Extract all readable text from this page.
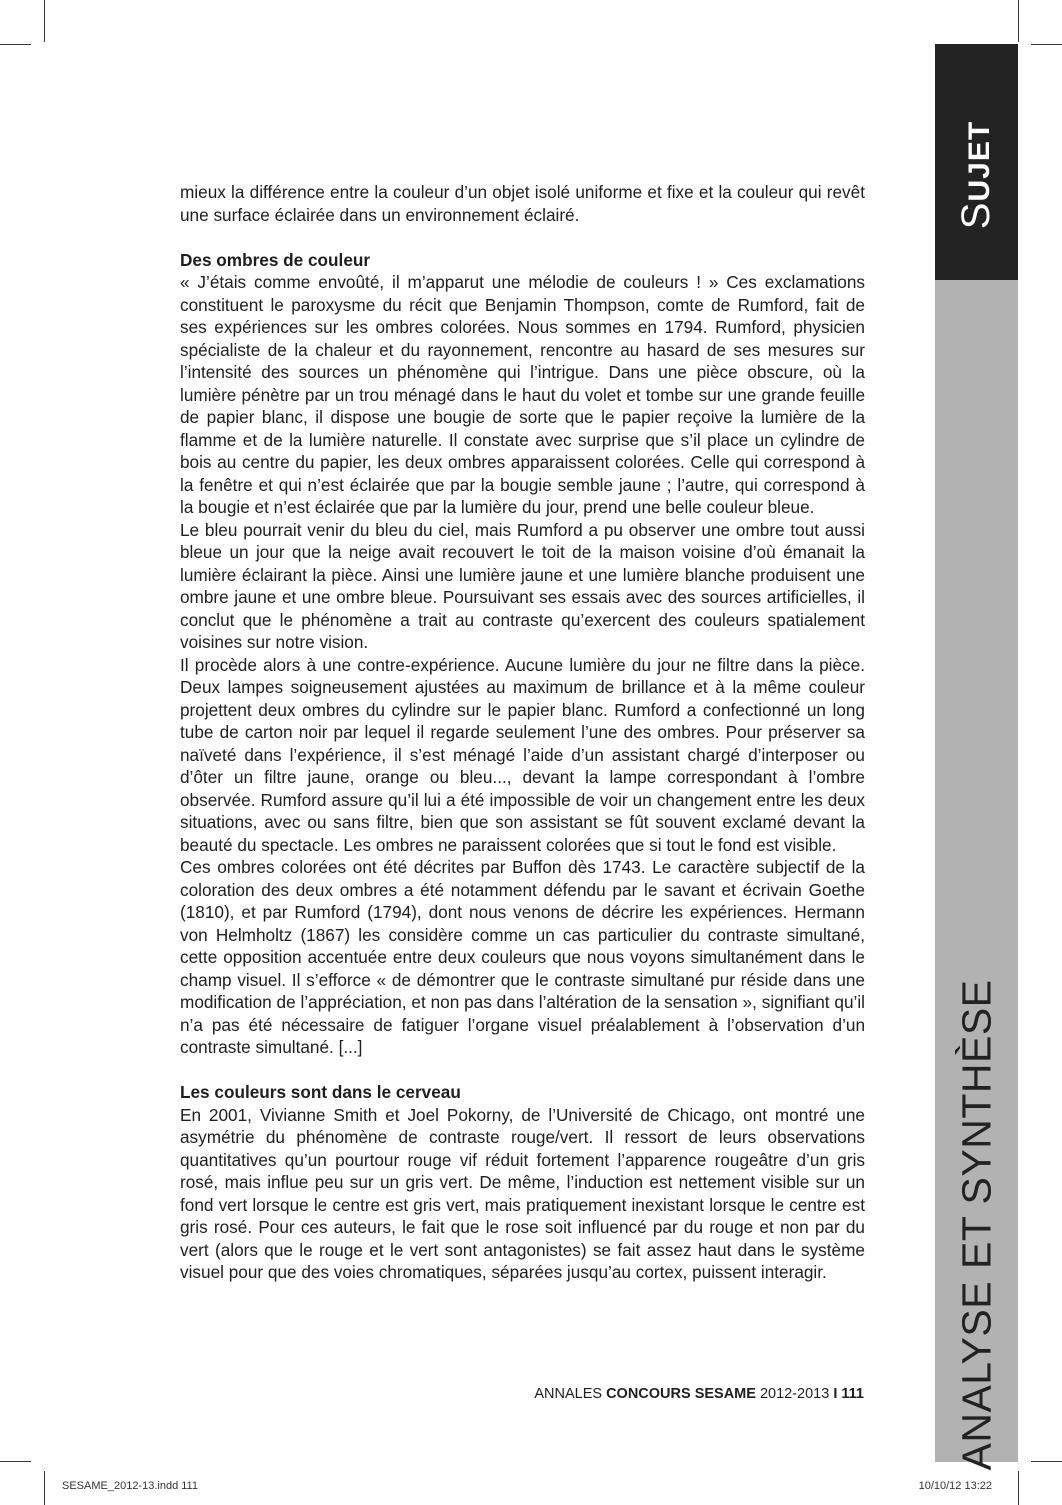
SUJET
ANALYSE ET SYNTHÈSE

mieux la différence entre la couleur d’un objet isolé uniforme et fixe et la couleur qui revêt une surface éclairée dans un environnement éclairé.

Des ombres de couleur

« J’étais comme envoûté, il m’apparut une mélodie de couleurs ! » Ces exclamations constituent le paroxysme du récit que Benjamin Thompson, comte de Rumford, fait de ses expériences sur les ombres colorées. Nous sommes en 1794. Rumford, physicien spécialiste de la chaleur et du rayonnement, rencontre au hasard de ses mesures sur l’intensité des sources un phénomène qui l’intrigue. Dans une pièce obscure, où la lumière pénètre par un trou ménagé dans le haut du volet et tombe sur une grande feuille de papier blanc, il dispose une bougie de sorte que le papier reçoive la lumière de la flamme et de la lumière naturelle. Il constate avec surprise que s’il place un cylindre de bois au centre du papier, les deux ombres apparaissent colorées. Celle qui correspond à la fenêtre et qui n’est éclairée que par la bougie semble jaune ; l’autre, qui correspond à la bougie et n’est éclairée que par la lumière du jour, prend une belle couleur bleue.

Le bleu pourrait venir du bleu du ciel, mais Rumford a pu observer une ombre tout aussi bleue un jour que la neige avait recouvert le toit de la maison voisine d’où émanait la lumière éclairant la pièce. Ainsi une lumière jaune et une lumière blanche produisent une ombre jaune et une ombre bleue. Poursuivant ses essais avec des sources artificielles, il conclut que le phénomène a trait au contraste qu’exercent des couleurs spatialement voisines sur notre vision.

Il procède alors à une contre-expérience. Aucune lumière du jour ne filtre dans la pièce. Deux lampes soigneusement ajustées au maximum de brillance et à la même couleur projettent deux ombres du cylindre sur le papier blanc. Rumford a confectionné un long tube de carton noir par lequel il regarde seulement l’une des ombres. Pour préserver sa naïveté dans l’expérience, il s’est ménagé l’aide d’un assistant chargé d’interposer ou d’ôter un filtre jaune, orange ou bleu..., devant la lampe correspondant à l’ombre observée. Rumford assure qu’il lui a été impossible de voir un changement entre les deux situations, avec ou sans filtre, bien que son assistant se fût souvent exclamé devant la beauté du spectacle. Les ombres ne paraissent colorées que si tout le fond est visible.

Ces ombres colorées ont été décrites par Buffon dès 1743. Le caractère subjectif de la coloration des deux ombres a été notamment défendu par le savant et écrivain Goethe (1810), et par Rumford (1794), dont nous venons de décrire les expériences. Hermann von Helmholtz (1867) les considère comme un cas particulier du contraste simultané, cette opposition accentuée entre deux couleurs que nous voyons simultanément dans le champ visuel. Il s’efforce « de démontrer que le contraste simultané pur réside dans une modification de l’appréciation, et non pas dans l’altération de la sensation », signifiant qu’il n’a pas été nécessaire de fatiguer l’organe visuel préalablement à l’observation d’un contraste simultané. [...]

Les couleurs sont dans le cerveau

En 2001, Vivianne Smith et Joel Pokorny, de l’Université de Chicago, ont montré une asymétrie du phénomène de contraste rouge/vert. Il ressort de leurs observations quantitatives qu’un pourtour rouge vif réduit fortement l’apparence rougeâtre d’un gris rosé, mais influe peu sur un gris vert. De même, l’induction est nettement visible sur un fond vert lorsque le centre est gris vert, mais pratiquement inexistant lorsque le centre est gris rosé. Pour ces auteurs, le fait que le rose soit influencé par du rouge et non par du vert (alors que le rouge et le vert sont antagonistes) se fait assez haut dans le système visuel pour que des voies chromatiques, séparées jusqu’au cortex, puissent interagir.

ANNALES CONCOURS SESAME 2012-2013 I 111
SESAME_2012-13.indd 111	10/10/12 13:22
